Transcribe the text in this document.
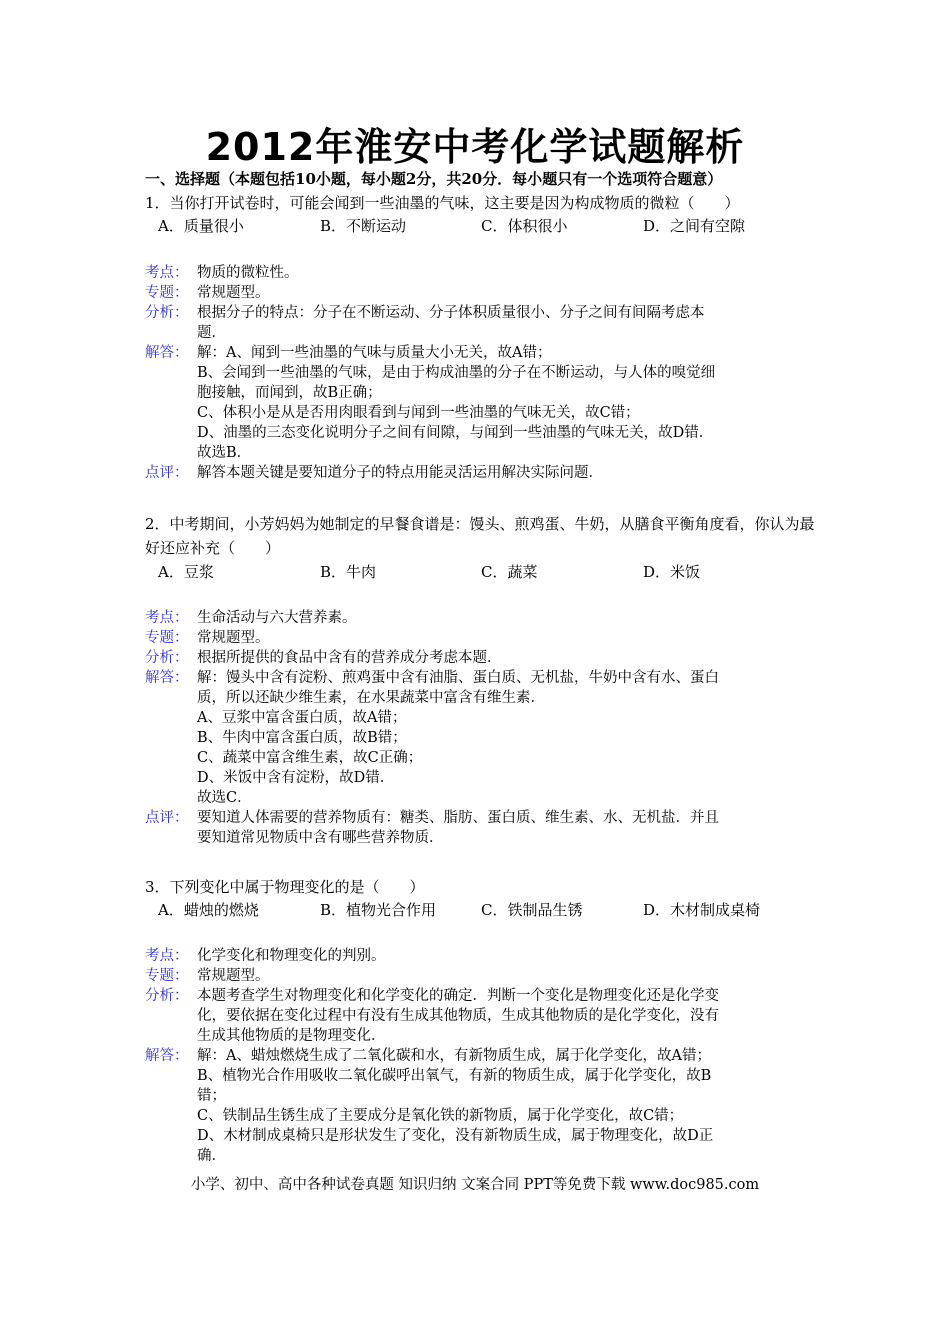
2012年淮安中考化学试题解析
一、选择题（本题包括10小题，每小题2分，共20分．每小题只有一个选项符合题意）
1．当你打开试卷时，可能会闻到一些油墨的气味，这主要是因为构成物质的微粒（　　）
A．质量很小	B．不断运动	C．体积很小	D．之间有空隙
考点： 物质的微粒性。
专题： 常规题型。
分析： 根据分子的特点：分子在不断运动、分子体积质量很小、分子之间有间隔考虑本
题．
解答： 解：A、闻到一些油墨的气味与质量大小无关，故A错；
B、会闻到一些油墨的气味，是由于构成油墨的分子在不断运动，与人体的嗅觉细
胞接触，而闻到，故B正确；
C、体积小是从是否用肉眼看到与闻到一些油墨的气味无关，故C错；
D、油墨的三态变化说明分子之间有间隙，与闻到一些油墨的气味无关，故D错．
故选B．
点评： 解答本题关键是要知道分子的特点用能灵活运用解决实际问题．
2．中考期间，小芳妈妈为她制定的早餐食谱是：馒头、煎鸡蛋、牛奶，从膳食平衡角度看，你认为最好还应补充（　　）
A．豆浆	B．牛肉	C．蔬菜	D．米饭
考点： 生命活动与六大营养素。
专题： 常规题型。
分析： 根据所提供的食品中含有的营养成分考虑本题．
解答： 解：馒头中含有淀粉、煎鸡蛋中含有油脂、蛋白质、无机盐，牛奶中含有水、蛋白
质，所以还缺少维生素，在水果蔬菜中富含有维生素．
A、豆浆中富含蛋白质，故A错；
B、牛肉中富含蛋白质，故B错；
C、蔬菜中富含维生素，故C正确；
D、米饭中含有淀粉，故D错．
故选C．
点评： 要知道人体需要的营养物质有：糖类、脂肪、蛋白质、维生素、水、无机盐．并且
要知道常见物质中含有哪些营养物质．
3．下列变化中属于物理变化的是（　　）
A．蜡烛的燃烧	B．植物光合作用	C．铁制品生锈	D．木材制成桌椅
考点： 化学变化和物理变化的判别。
专题： 常规题型。
分析： 本题考查学生对物理变化和化学变化的确定．判断一个变化是物理变化还是化学变
化，要依据在变化过程中有没有生成其他物质，生成其他物质的是化学变化，没有
生成其他物质的是物理变化．
解答： 解：A、蜡烛燃烧生成了二氧化碳和水，有新物质生成，属于化学变化，故A错；
B、植物光合作用吸收二氧化碳呼出氧气，有新的物质生成，属于化学变化，故B
错；
C、铁制品生锈生成了主要成分是氧化铁的新物质，属于化学变化，故C错；
D、木材制成桌椅只是形状发生了变化，没有新物质生成，属于物理变化，故D正
确．
小学、初中、高中各种试卷真题 知识归纳 文案合同 PPT等免费下载 www.doc985.com
